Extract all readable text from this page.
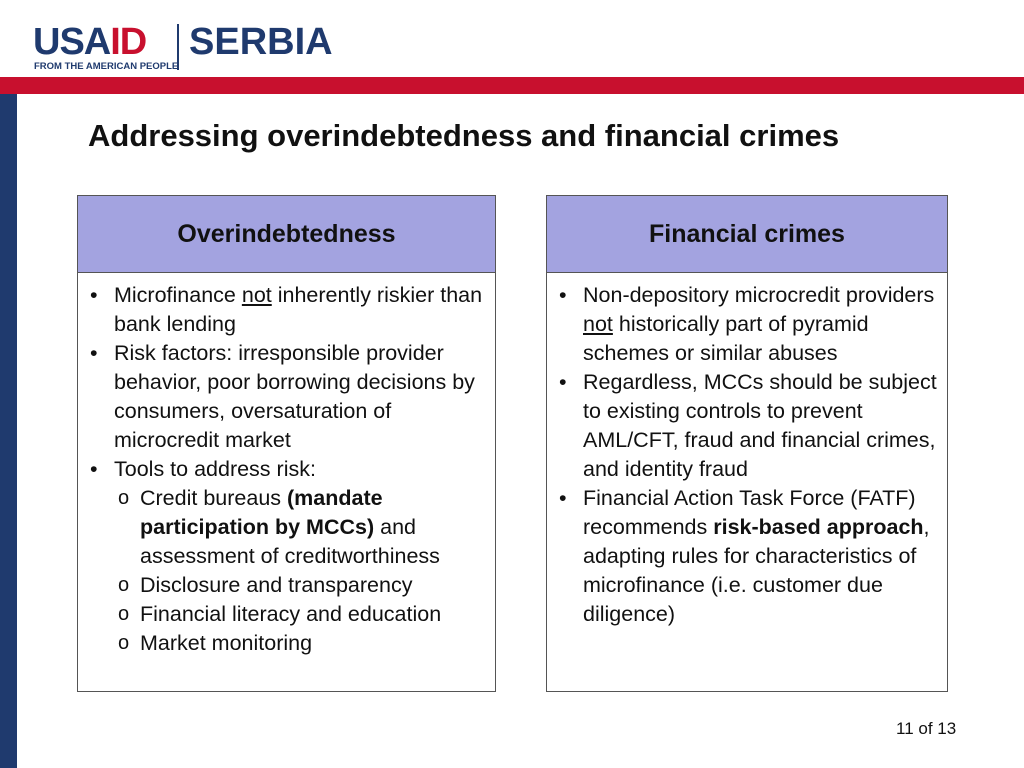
USAID SERBIA
FROM THE AMERICAN PEOPLE
Addressing overindebtedness and financial crimes
Overindebtedness
• Microfinance not inherently riskier than bank lending
• Risk factors: irresponsible provider behavior, poor borrowing decisions by consumers, oversaturation of microcredit market
• Tools to address risk:
o Credit bureaus (mandate participation by MCCs) and assessment of creditworthiness
o Disclosure and transparency
o Financial literacy and education
o Market monitoring
Financial crimes
• Non-depository microcredit providers not historically part of pyramid schemes or similar abuses
• Regardless, MCCs should be subject to existing controls to prevent AML/CFT, fraud and financial crimes, and identity fraud
• Financial Action Task Force (FATF) recommends risk-based approach, adapting rules for characteristics of microfinance (i.e. customer due diligence)
11 of 13
